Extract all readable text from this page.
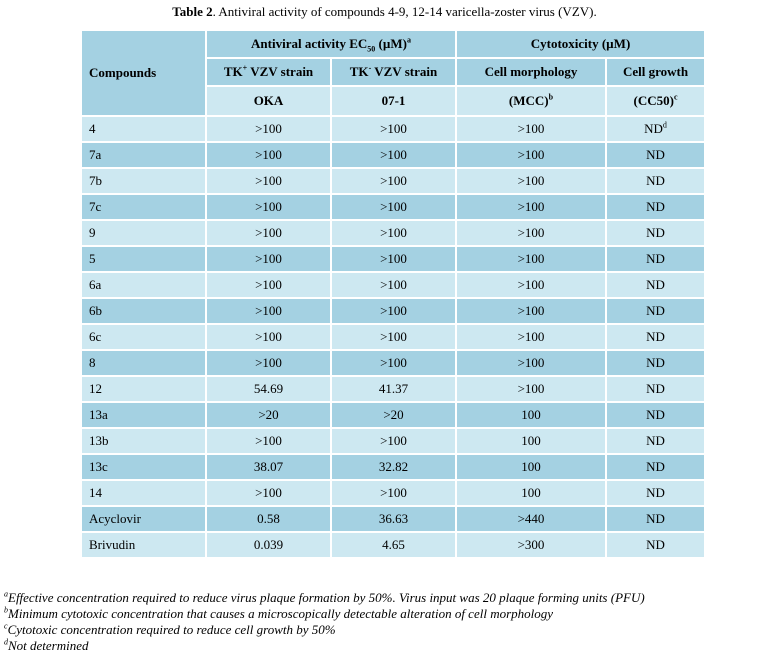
Table 2. Antiviral activity of compounds 4-9, 12-14 varicella-zoster virus (VZV).
Compounds	Antiviral activity $EC_{50}$ $(\mu M)^a$		Cytotoxicity (µM)	
	TK+ VZV strain	TK- VZV strain	Cell morphology	Cell growth
	OKA	07-1	(MCC)$^b$	$(CC50)^c$
4	>100	>100	>100	$ND^d$
7a	>100	>100	>100	ND
7b	>100	>100	>100	ND
7c	>100	>100	>100	ND
9	>100	>100	>100	ND
5	>100	>100	>100	ND
6a	>100	>100	>100	ND
6b	>100	>100	>100	ND
6c	>100	>100	>100	ND
8	>100	>100	>100	ND
12	54.69	41.37	>100	ND
13a	>20	>20	100	ND
13b	>100	>100	100	ND
13c	38.07	32.82	100	ND
14	>100	>100	100	ND
Acyclovir	0.58	36.63	>440	ND
Brivudin	0.039	4.65	>300	ND
$^a$Effective concentration required to reduce virus plaque formation by 50%. Virus input was 20 plaque forming units (PFU)
$^b$Minimum cytotoxic concentration that causes a microscopically detectable alteration of cell morphology
$^c$Cytotoxic concentration required to reduce cell growth by 50%
$^d$Not determined
